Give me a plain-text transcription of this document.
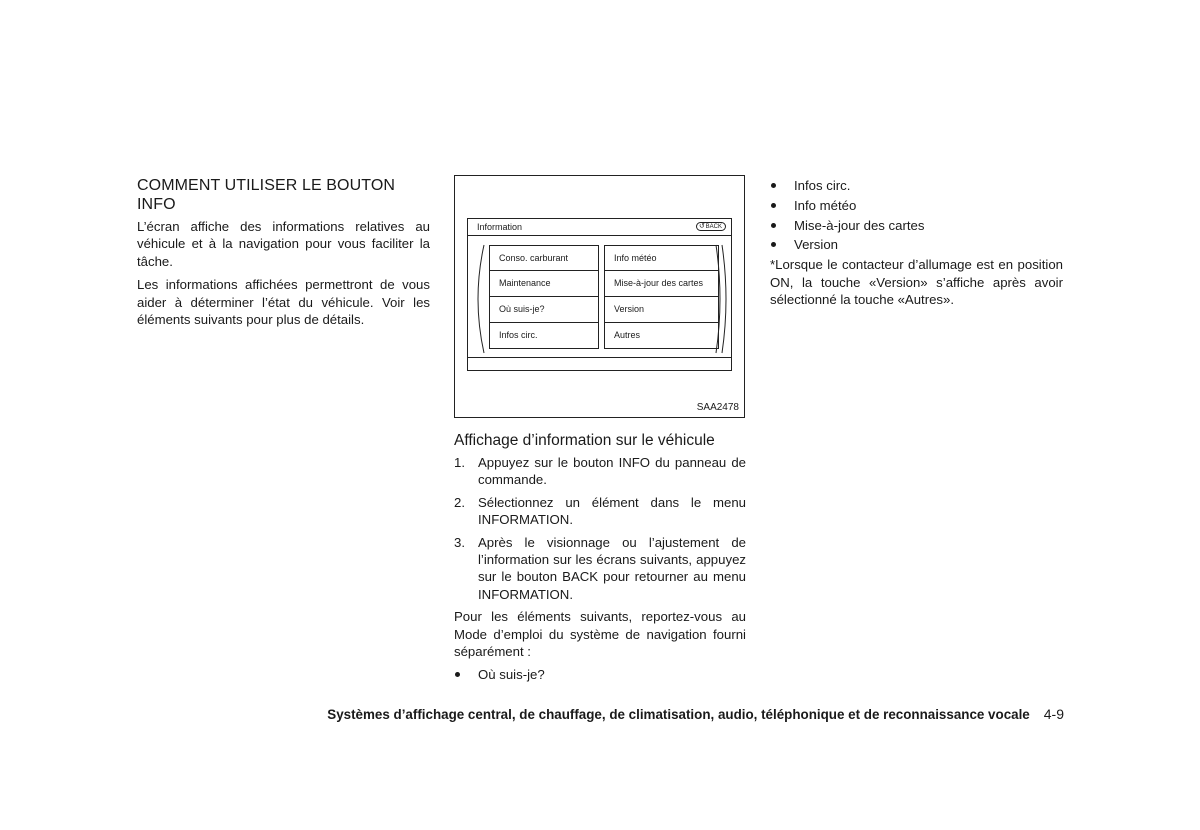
COMMENT UTILISER LE BOUTON INFO

L’écran affiche des informations relatives au véhicule et à la navigation pour vous faciliter la tâche.

Les informations affichées permettront de vous aider à déterminer l’état du véhicule. Voir les éléments suivants pour plus de détails.

Information	↺ BACK
Conso. carburant
Maintenance
Où suis-je?
Infos circ.
Info météo
Mise-à-jour des cartes
Version
Autres
SAA2478
Affichage d’information sur le véhicule
1. Appuyez sur le bouton INFO du panneau de commande.
2. Sélectionnez un élément dans le menu INFORMATION.
3. Après le visionnage ou l’ajustement de l’information sur les écrans suivants, appuyez sur le bouton BACK pour retourner au menu INFORMATION.

Pour les éléments suivants, reportez-vous au Mode d’emploi du système de navigation fourni séparément :

Où suis-je?
Infos circ.
Info météo
Mise-à-jour des cartes
Version

*Lorsque le contacteur d’allumage est en position ON, la touche «Version» s’affiche après avoir sélectionné la touche «Autres».

Systèmes d’affichage central, de chauffage, de climatisation, audio, téléphonique et de reconnaissance vocale 4-9
